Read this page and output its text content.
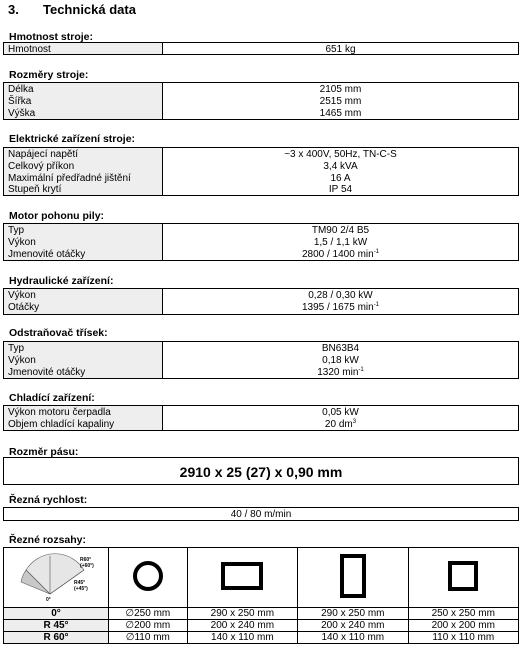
3. Technická data
Hmotnost stroje:
Hmotnost	651 kg
Rozměry stroje:
Délka	2105 mm
Šířka	2515 mm
Výška	1465 mm
Elektrické zařízení stroje:
Napájecí napětí	~3 x 400V, 50Hz, TN-C-S
Celkový příkon	3,4 kVA
Maximální předřadné jištění	16 A
Stupeň krytí	IP 54
Motor pohonu pily:
Typ	TM90 2/4 B5
Výkon	1,5 / 1,1 kW
Jmenovité otáčky	2800 / 1400 $\min^{-1}$
Hydraulické zařízení:
Výkon	0,28 / 0,30 kW
Otáčky	1395 / 1675 $\min^{-1}$
Odstraňovač třísek:
Typ	BN63B4
Výkon	0,18 kW
Jmenovité otáčky	1320 $\min^{-1}$
Chladící zařízení:
Výkon motoru čerpadla	0,05 kW
Objem chladící kapaliny	20 $dm^3$
Rozměr pásu:
2910 x 25 (27) x 0,90 mm
Řezná rychlost:
40 / 80 m/min
Řezné rozsahy:
R60°
(+60°)
R45°
(+45°)
0°

0°	∅250 mm	290 x 250 mm	290 x 250 mm	250 x 250 mm
R 45°	∅200 mm	200 x 240 mm	200 x 240 mm	200 x 200 mm
R 60°	∅110 mm	140 x 110 mm	140 x 110 mm	110 x 110 mm
